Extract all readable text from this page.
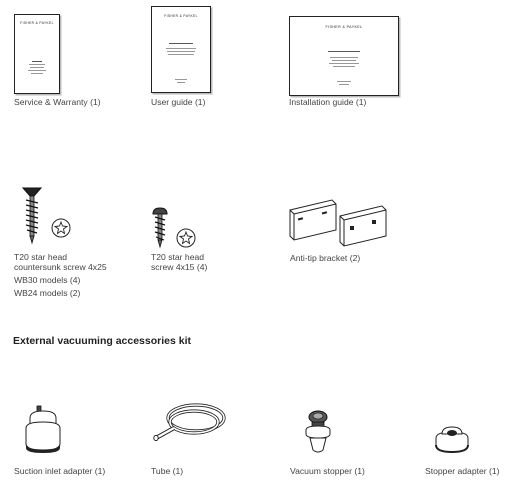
FISHER & PAYKEL
Service & Warranty (1)
FISHER & PAYKEL
User guide (1)
FISHER & PAYKEL
Installation guide (1)
T20 star head
countersunk screw 4x25
WB30 models (4)
WB24 models (2)
T20 star head
screw 4x15 (4)
Anti-tip bracket (2)
External vacuuming accessories kit
Suction inlet adapter (1)	Tube (1)	Vacuum stopper (1)	Stopper adapter (1)
